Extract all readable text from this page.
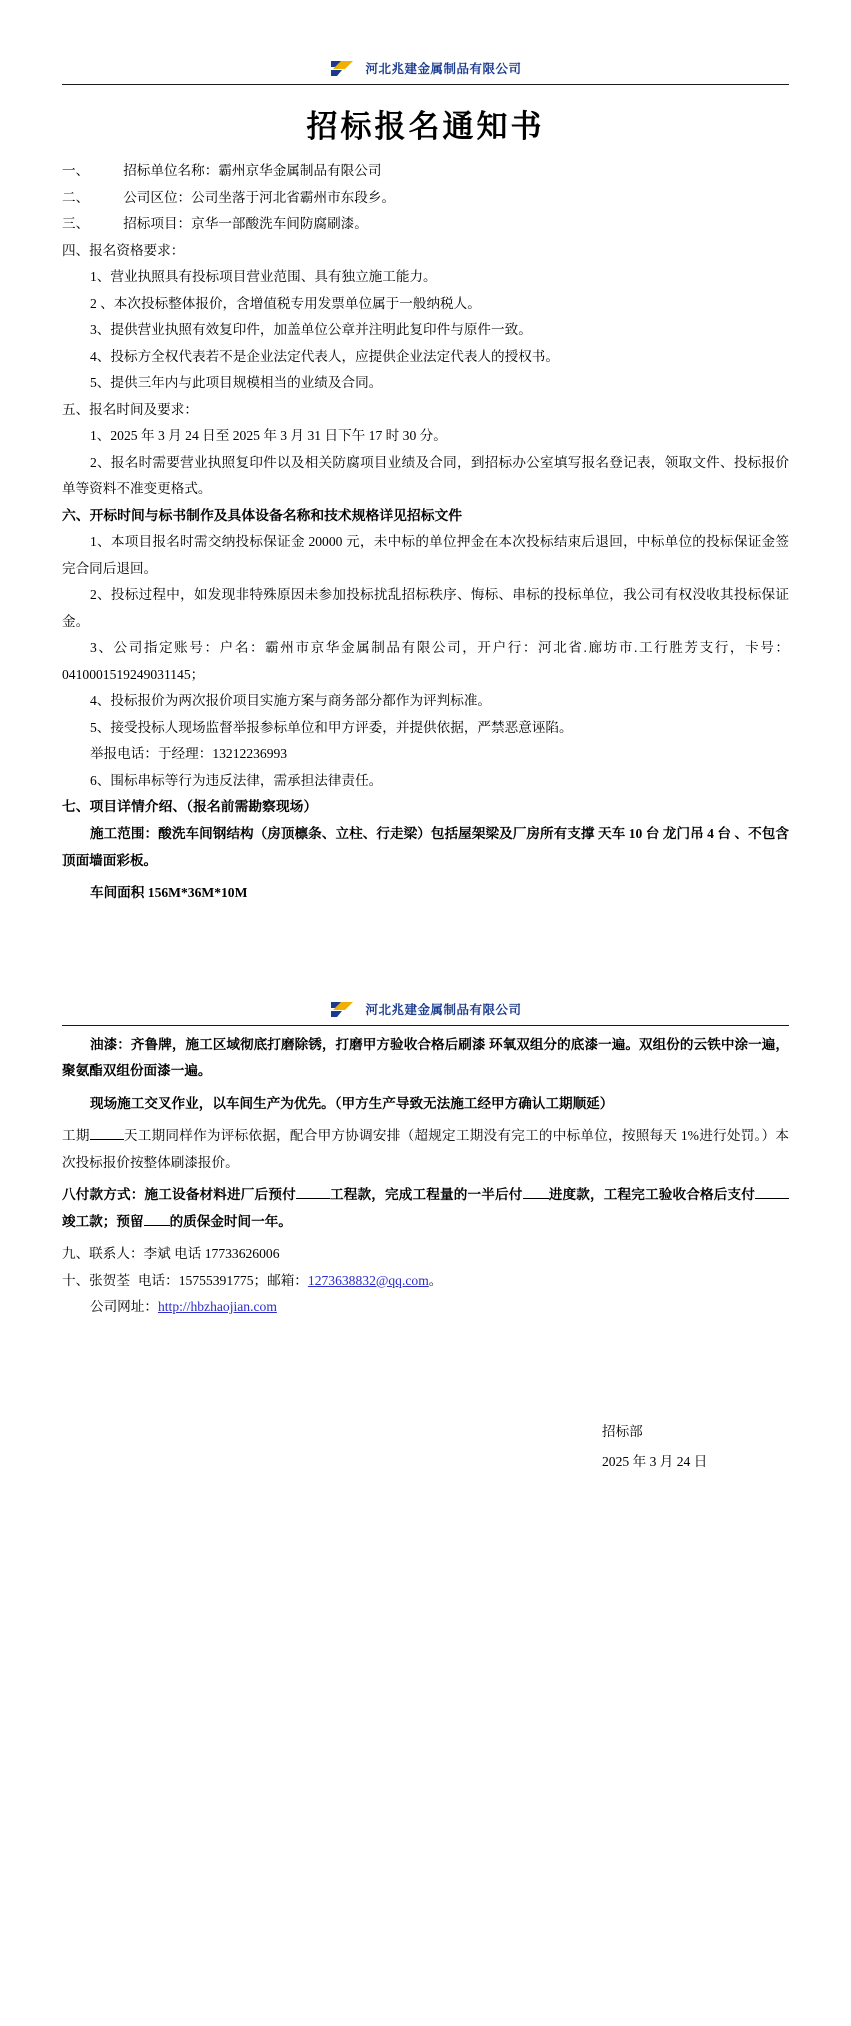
河北兆建金属制品有限公司
招标报名通知书

一、	招标单位名称：霸州京华金属制品有限公司

二、	公司区位：公司坐落于河北省霸州市东段乡。

三、	招标项目：京华一部酸洗车间防腐刷漆。

四、报名资格要求：

1、营业执照具有投标项目营业范围、具有独立施工能力。

2 、本次投标整体报价，含增值税专用发票单位属于一般纳税人。

3、提供营业执照有效复印件，加盖单位公章并注明此复印件与原件一致。

4、投标方全权代表若不是企业法定代表人，应提供企业法定代表人的授权书。

5、提供三年内与此项目规模相当的业绩及合同。

五、报名时间及要求：

1、2025 年 3 月 24 日至 2025 年 3 月 31 日下午 17 时 30 分。

2、报名时需要营业执照复印件以及相关防腐项目业绩及合同，到招标办公室填写报名登记表，领取文件、投标报价单等资料不准变更格式。

六、开标时间与标书制作及具体设备名称和技术规格详见招标文件

1、本项目报名时需交纳投标保证金 20000 元，未中标的单位押金在本次投标结束后退回，中标单位的投标保证金签完合同后退回。

2、投标过程中，如发现非特殊原因未参加投标扰乱招标秩序、悔标、串标的投标单位，我公司有权没收其投标保证金。

3、公司指定账号：户名：霸州市京华金属制品有限公司，开户行：河北省.廊坊市.工行胜芳支行，卡号：0410001519249031145；

4、投标报价为两次报价项目实施方案与商务部分都作为评判标准。

5、接受投标人现场监督举报参标单位和甲方评委，并提供依据，严禁恶意诬陷。

举报电话：于经理：13212236993

6、围标串标等行为违反法律，需承担法律责任。

七、项目详情介绍、（报名前需勘察现场）

施工范围：酸洗车间钢结构（房顶檩条、立柱、行走梁）包括屋架梁及厂房所有支撑 天车 10 台 龙门吊 4 台 、不包含顶面墙面彩板。

车间面积 156M*36M*10M

河北兆建金属制品有限公司

油漆：齐鲁牌，施工区域彻底打磨除锈，打磨甲方验收合格后刷漆 环氧双组分的底漆一遍。双组份的云铁中涂一遍，聚氨酯双组份面漆一遍。

现场施工交叉作业，以车间生产为优先。（甲方生产导致无法施工经甲方确认工期顺延）

工期	天工期同样作为评标依据，配合甲方协调安排（超规定工期没有完工的中标单位，按照每天 1%进行处罚。）本次投标报价按整体刷漆报价。

八付款方式：施工设备材料进厂后预付	工程款，完成工程量的一半后付 进度款，工程完工验收合格后支付竣工款；预留 的质保金时间一年。

九、联系人：李斌 电话 17733626006

十、张贺荃 电话：15755391775；邮箱：1273638832@qq.com。

公司网址：http://hbzhaojian.com

招标部

2025 年 3 月 24 日
